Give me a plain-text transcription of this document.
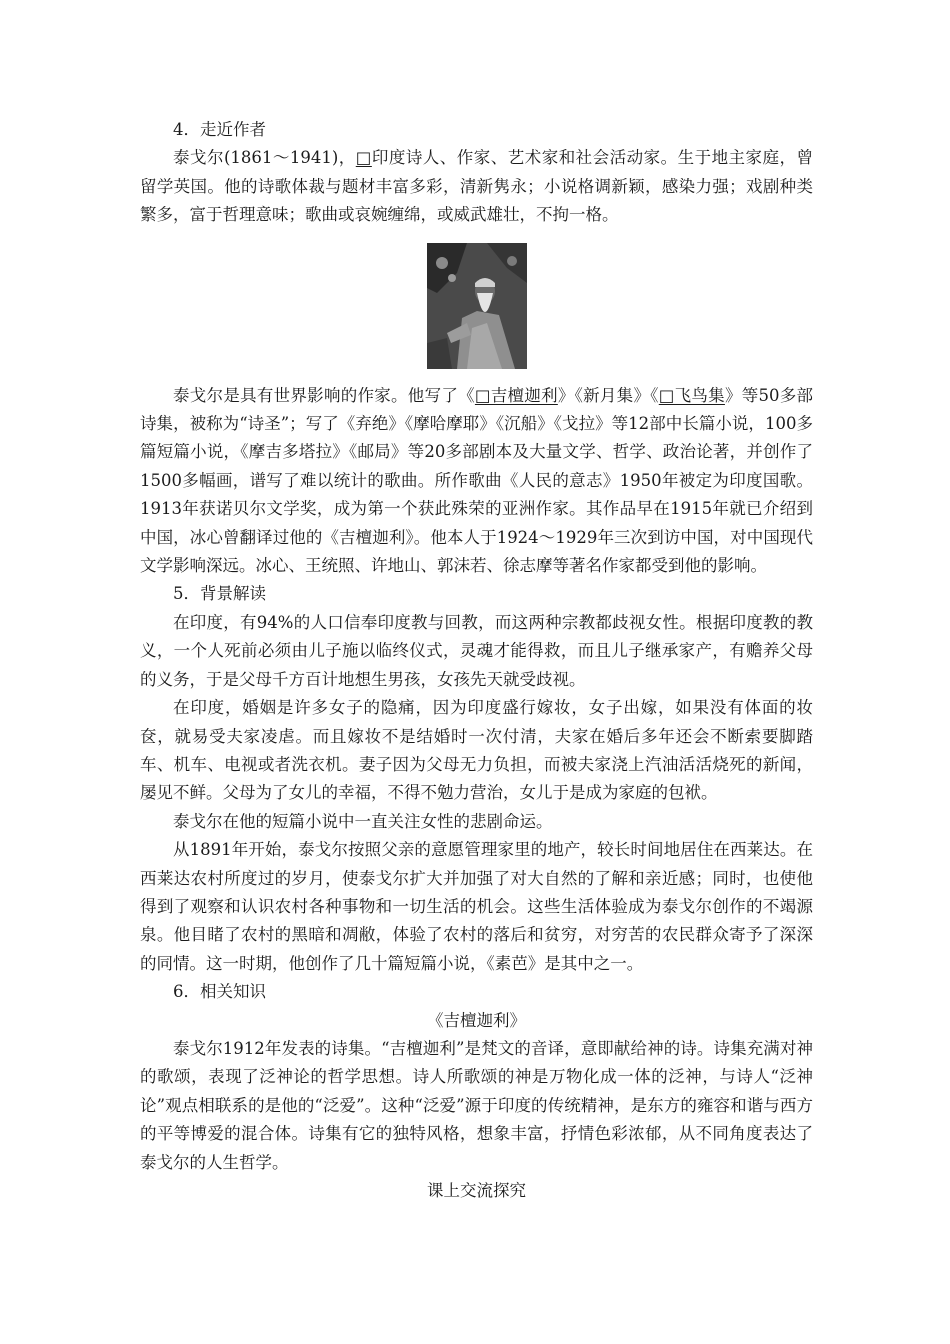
4．走近作者

泰戈尔(1861～1941)，□印度诗人、作家、艺术家和社会活动家。生于地主家庭，曾留学英国。他的诗歌体裁与题材丰富多彩，清新隽永；小说格调新颖，感染力强；戏剧种类繁多，富于哲理意味；歌曲或哀婉缠绵，或威武雄壮，不拘一格。

泰戈尔是具有世界影响的作家。他写了《□吉檀迦利》《新月集》《□飞鸟集》等50多部诗集，被称为“诗圣”；写了《弃绝》《摩哈摩耶》《沉船》《戈拉》等12部中长篇小说，100多篇短篇小说，《摩吉多塔拉》《邮局》等20多部剧本及大量文学、哲学、政治论著，并创作了1500多幅画，谱写了难以统计的歌曲。所作歌曲《人民的意志》1950年被定为印度国歌。1913年获诺贝尔文学奖，成为第一个获此殊荣的亚洲作家。其作品早在1915年就已介绍到中国，冰心曾翻译过他的《吉檀迦利》。他本人于1924～1929年三次到访中国，对中国现代文学影响深远。冰心、王统照、许地山、郭沫若、徐志摩等著名作家都受到他的影响。

5．背景解读

在印度，有94%的人口信奉印度教与回教，而这两种宗教都歧视女性。根据印度教的教义，一个人死前必须由儿子施以临终仪式，灵魂才能得救，而且儿子继承家产，有赡养父母的义务，于是父母千方百计地想生男孩，女孩先天就受歧视。

在印度，婚姻是许多女子的隐痛，因为印度盛行嫁妆，女子出嫁，如果没有体面的妆奁，就易受夫家凌虐。而且嫁妆不是结婚时一次付清，夫家在婚后多年还会不断索要脚踏车、机车、电视或者洗衣机。妻子因为父母无力负担，而被夫家浇上汽油活活烧死的新闻，屡见不鲜。父母为了女儿的幸福，不得不勉力营治，女儿于是成为家庭的包袱。

泰戈尔在他的短篇小说中一直关注女性的悲剧命运。

从1891年开始，泰戈尔按照父亲的意愿管理家里的地产，较长时间地居住在西莱达。在西莱达农村所度过的岁月，使泰戈尔扩大并加强了对大自然的了解和亲近感；同时，也使他得到了观察和认识农村各种事物和一切生活的机会。这些生活体验成为泰戈尔创作的不竭源泉。他目睹了农村的黑暗和凋敝，体验了农村的落后和贫穷，对穷苦的农民群众寄予了深深的同情。这一时期，他创作了几十篇短篇小说，《素芭》是其中之一。

6．相关知识

《吉檀迦利》

泰戈尔1912年发表的诗集。“吉檀迦利”是梵文的音译，意即献给神的诗。诗集充满对神的歌颂，表现了泛神论的哲学思想。诗人所歌颂的神是万物化成一体的泛神，与诗人“泛神论”观点相联系的是他的“泛爱”。这种“泛爱”源于印度的传统精神，是东方的雍容和谐与西方的平等博爱的混合体。诗集有它的独特风格，想象丰富，抒情色彩浓郁，从不同角度表达了泰戈尔的人生哲学。

课上交流探究
